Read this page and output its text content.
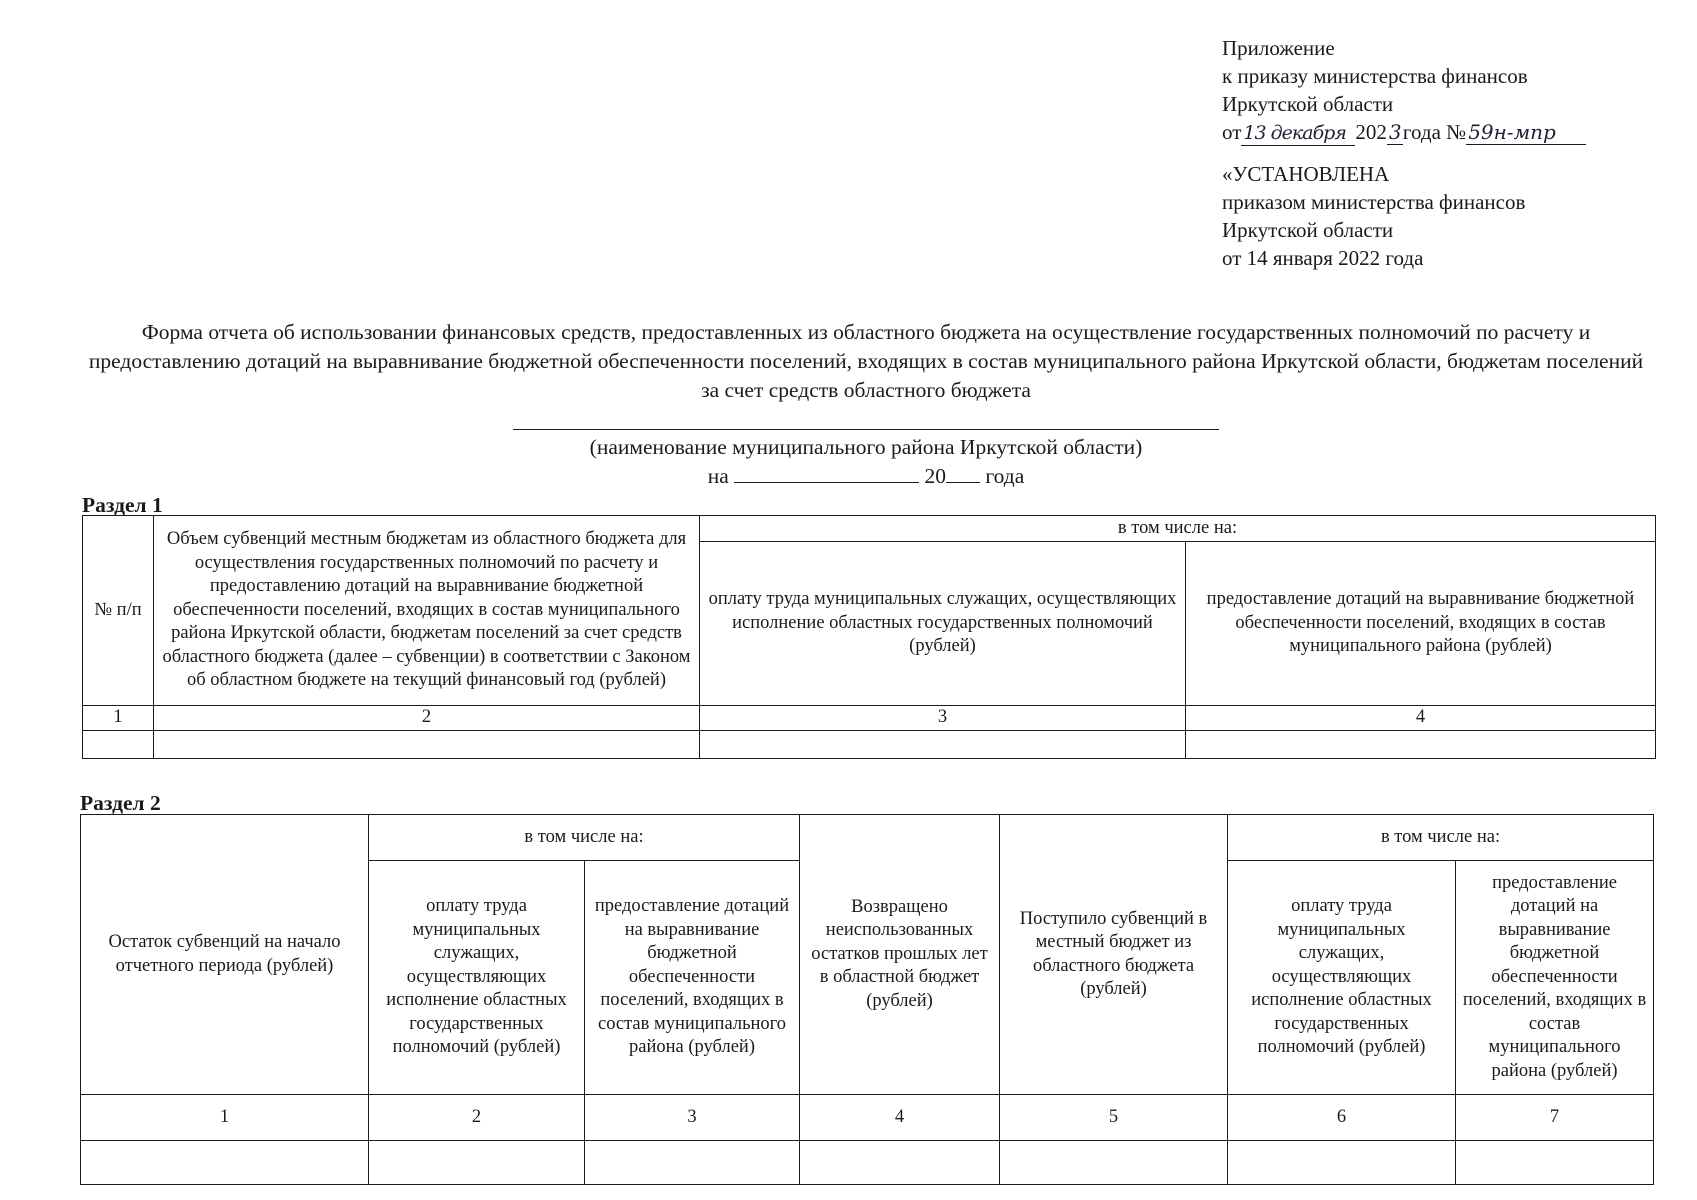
Приложение
к приказу министерства финансов
Иркутской области
от 13 декабря 202 3года № 59н-мпр
«УСТАНОВЛЕНА
приказом министерства финансов
Иркутской области
от 14 января 2022 года
Форма отчета об использовании финансовых средств, предоставленных из областного бюджета на осуществление государственных полномочий по расчету и предоставлению дотаций на выравнивание бюджетной обеспеченности поселений, входящих в состав муниципального района Иркутской области, бюджетам поселений за счет средств областного бюджета
(наименование муниципального района Иркутской области)
на	20 года
Раздел 1
№ п/п	Объем субвенций местным бюджетам из областного бюджета для осуществления государственных полномочий по расчету и предоставлению дотаций на выравнивание бюджетной обеспеченности поселений, входящих в состав муниципального района Иркутской области, бюджетам поселений за счет средств областного бюджета (далее – субвенции) в соответствии с Законом об областном бюджете на текущий финансовый год (рублей)	в том числе на:	
		оплату труда муниципальных служащих, осуществляющих исполнение областных государственных полномочий (рублей)	предоставление дотаций на выравнивание бюджетной обеспеченности поселений, входящих в состав муниципального района (рублей)
1	2	3	4

Раздел 2
Остаток субвенций на начало отчетного периода (рублей)	в том числе на:		Возвращено неиспользованных остатков прошлых лет в областной бюджет (рублей)	Поступило субвенций в местный бюджет из областного бюджета (рублей)	в том числе на:	
	оплату труда муниципальных служащих, осуществляющих исполнение областных государственных полномочий (рублей)	предоставление дотаций на выравнивание бюджетной обеспеченности поселений, входящих в состав муниципального района (рублей)			оплату труда муниципальных служащих, осуществляющих исполнение областных государственных полномочий (рублей)	предоставление дотаций на выравнивание бюджетной обеспеченности поселений, входящих в состав муниципального района (рублей)
1	2	3	4	5	6	7
